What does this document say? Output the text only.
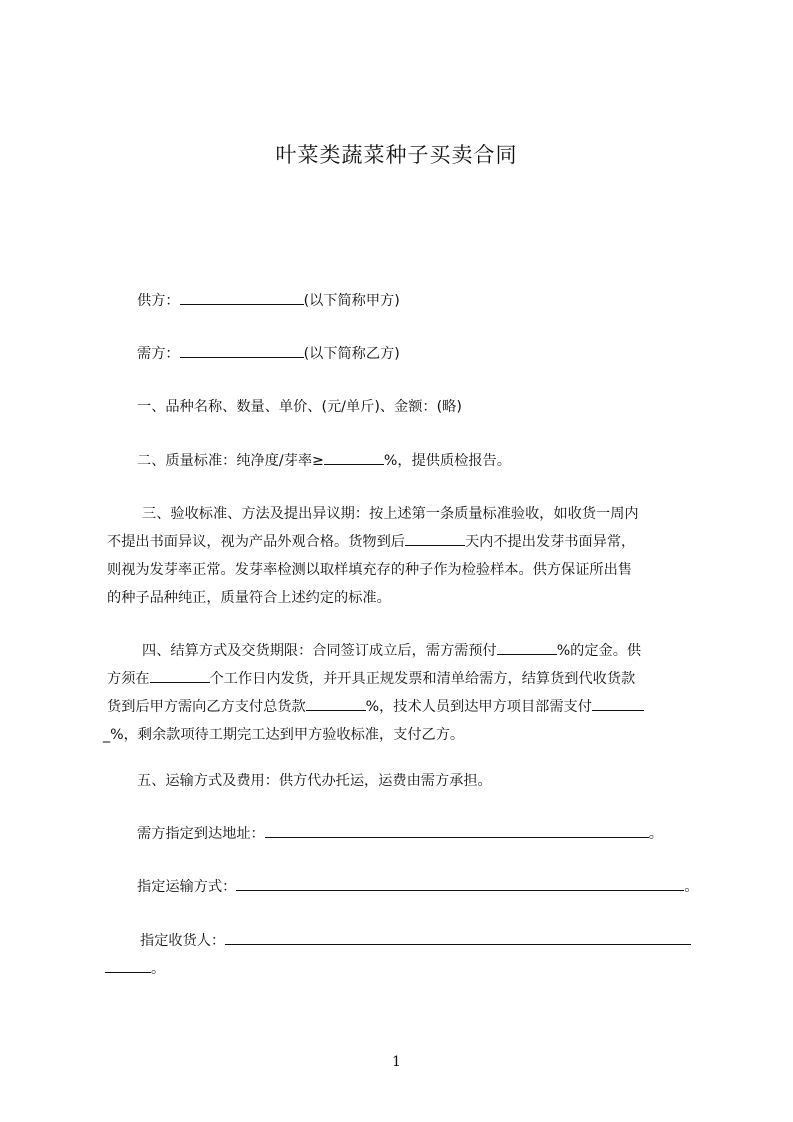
叶菜类蔬菜种子买卖合同

供方：	(以下简称甲方)

需方：	(以下简称乙方)

一、品种名称、数量、单价、(元/单斤)、金额：(略)

二、质量标准：纯净度/芽率≥	%，提供质检报告。

三、验收标准、方法及提出异议期：按上述第一条质量标准验收，如收货一周内

不提出书面异议，视为产品外观合格。货物到后	天内不提出发芽书面异常，

则视为发芽率正常。发芽率检测以取样填充存的种子作为检验样本。供方保证所出售

的种子品种纯正，质量符合上述约定的标准。

四、结算方式及交货期限：合同签订成立后，需方需预付	%的定金。供

方须在	个工作日内发货，并开具正规发票和清单给需方，结算货到代收货款

货到后甲方需向乙方支付总货款	%，技术人员到达甲方项目部需支付

_%，剩余款项待工期完工达到甲方验收标准，支付乙方。

五、运输方式及费用：供方代办托运，运费由需方承担。

需方指定到达地址：	。

指定运输方式：	。

指定收货人：

。

1
